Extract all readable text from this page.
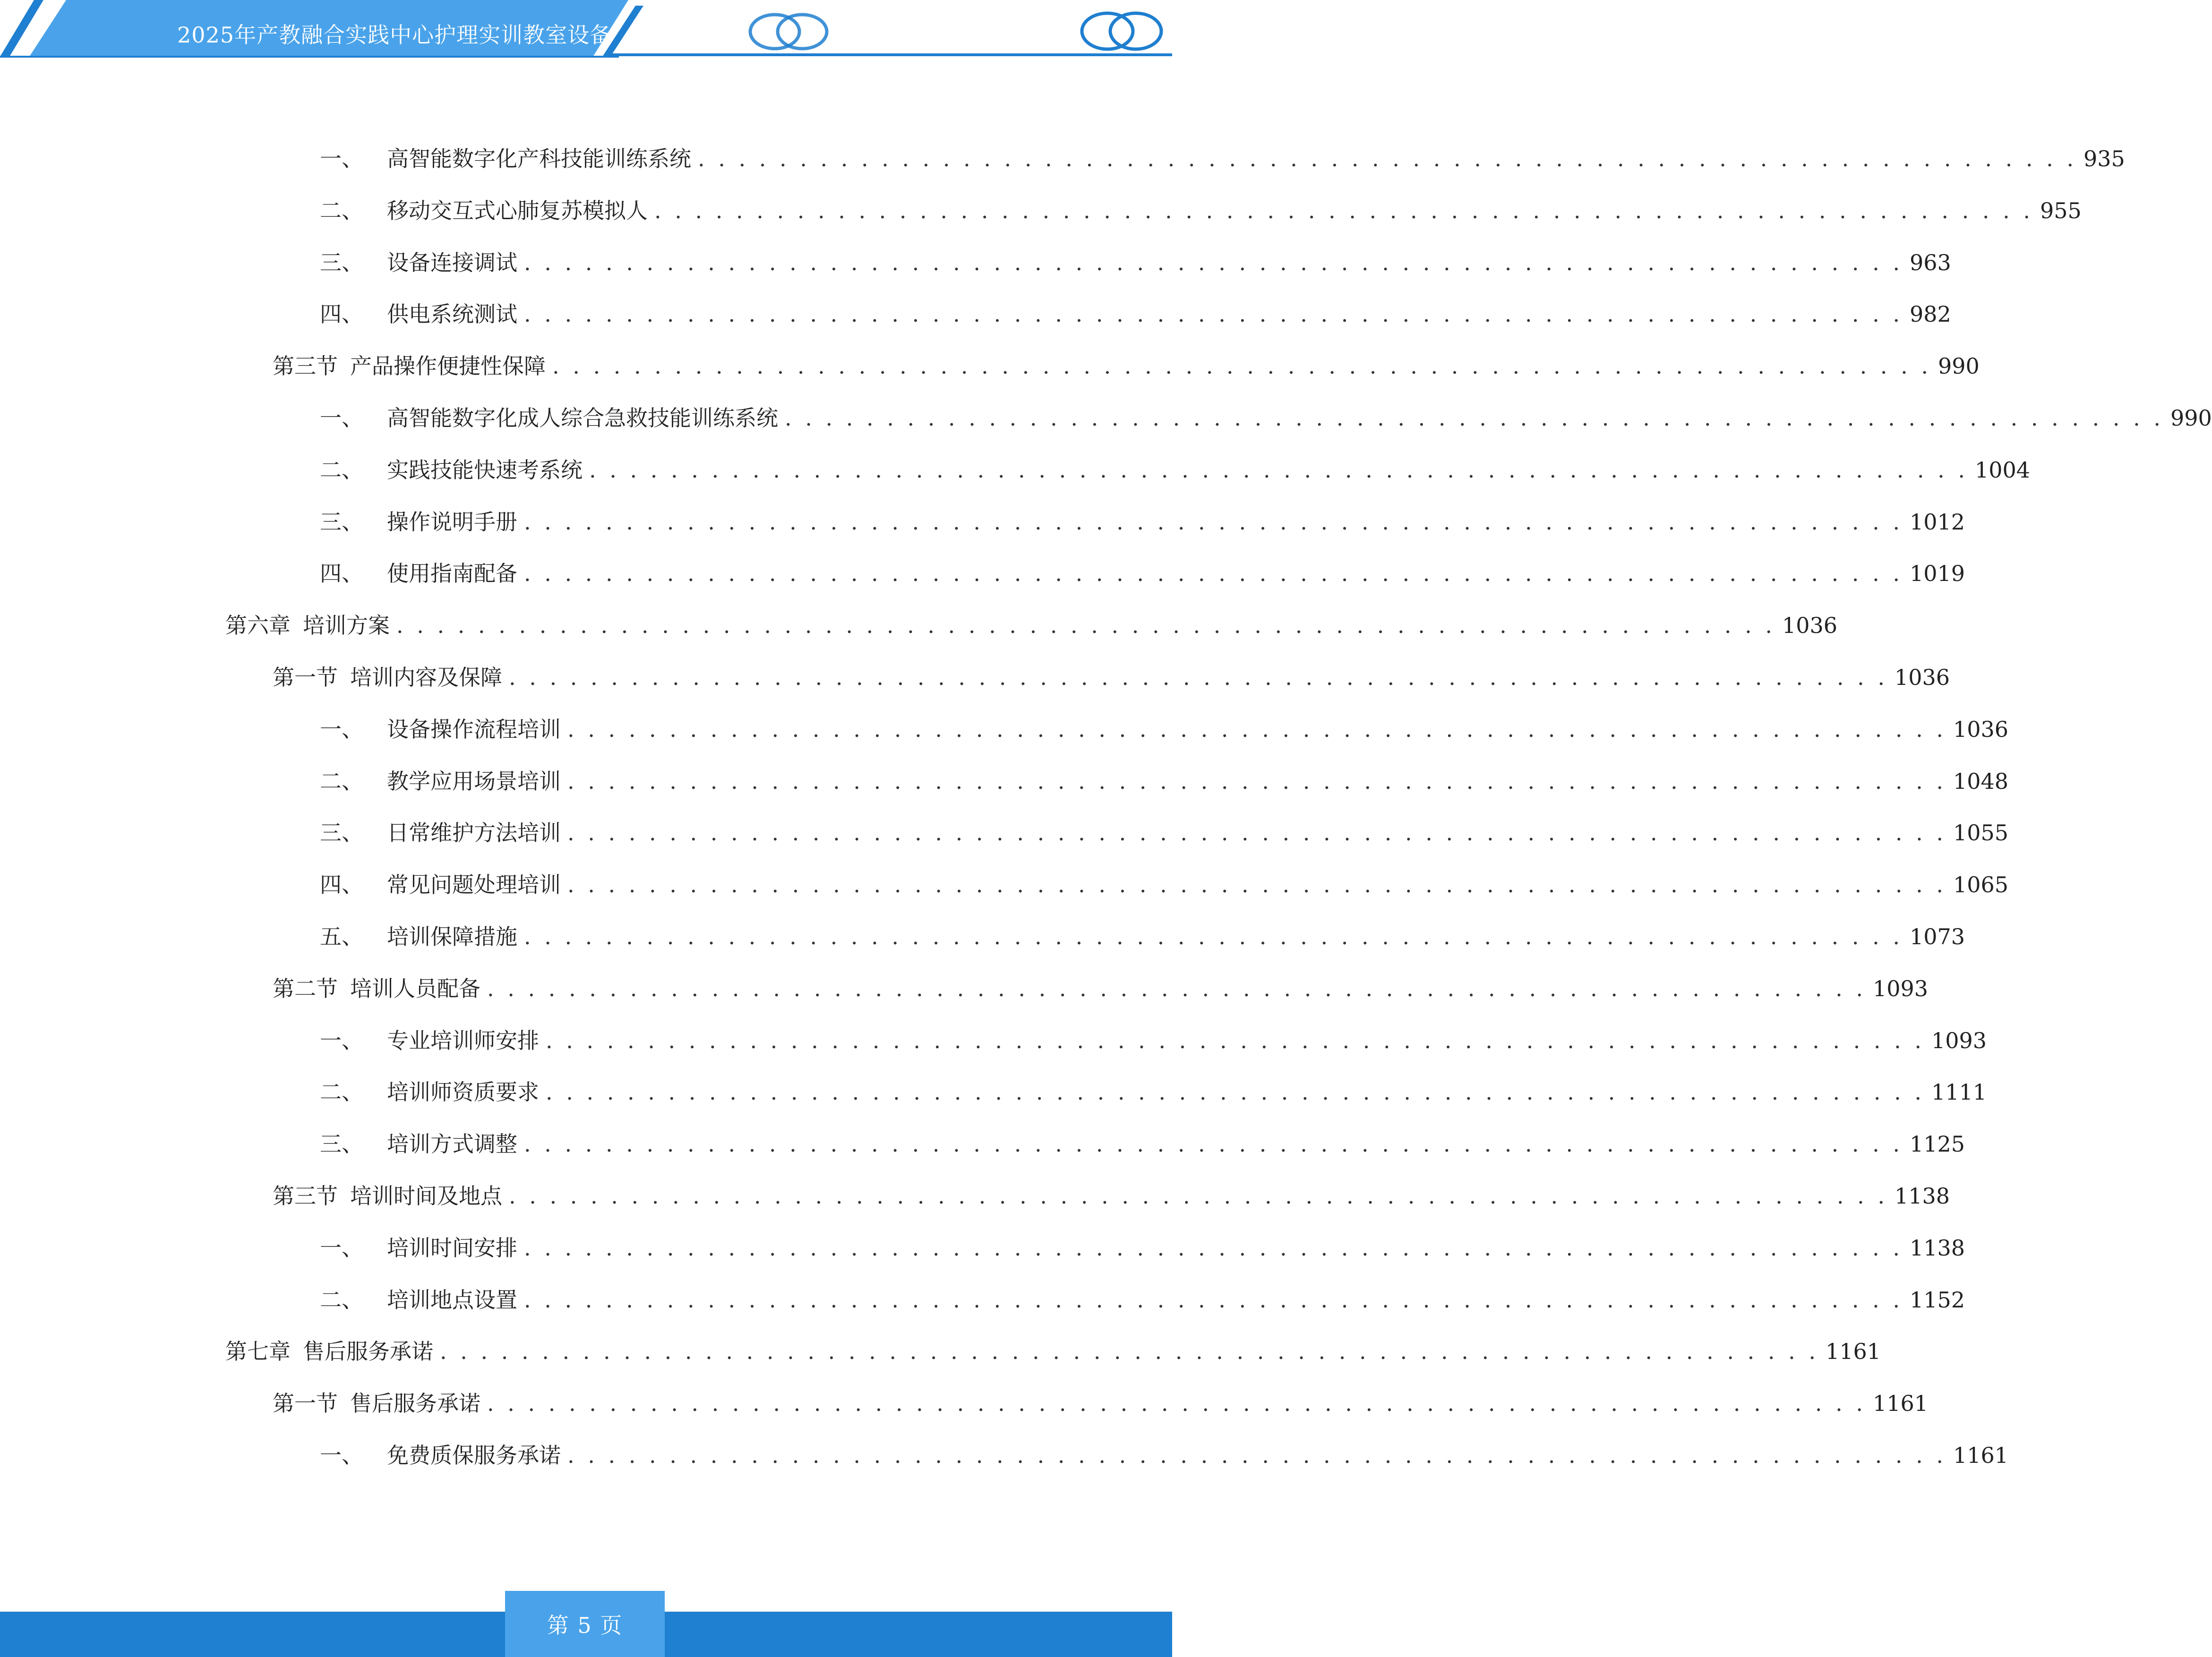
2025年产教融合实践中心护理实训教室设备
一、 高智能数字化产科技能训练系统 . . . . . . . . . . . . . . . . . . . . . . . . . . . . . . . . . . . . . . . . . . . . . . . . . . . . . . . . . . . . . . . . . . . . 935
二、 移动交互式心肺复苏模拟人 . . . . . . . . . . . . . . . . . . . . . . . . . . . . . . . . . . . . . . . . . . . . . . . . . . . . . . . . . . . . . . . . . . . . 955
三、 设备连接调试 . . . . . . . . . . . . . . . . . . . . . . . . . . . . . . . . . . . . . . . . . . . . . . . . . . . . . . . . . . . . . . . . . . . . 963
四、 供电系统测试 . . . . . . . . . . . . . . . . . . . . . . . . . . . . . . . . . . . . . . . . . . . . . . . . . . . . . . . . . . . . . . . . . . . . 982
第三节 产品操作便捷性保障 . . . . . . . . . . . . . . . . . . . . . . . . . . . . . . . . . . . . . . . . . . . . . . . . . . . . . . . . . . . . . . . . . . . . 990
一、 高智能数字化成人综合急救技能训练系统 . . . . . . . . . . . . . . . . . . . . . . . . . . . . . . . . . . . . . . . . . . . . . . . . . . . . . . . . . . . . . . . . . . . . 990
二、 实践技能快速考系统 . . . . . . . . . . . . . . . . . . . . . . . . . . . . . . . . . . . . . . . . . . . . . . . . . . . . . . . . . . . . . . . . . . . . 1004
三、 操作说明手册 . . . . . . . . . . . . . . . . . . . . . . . . . . . . . . . . . . . . . . . . . . . . . . . . . . . . . . . . . . . . . . . . . . . . 1012
四、 使用指南配备 . . . . . . . . . . . . . . . . . . . . . . . . . . . . . . . . . . . . . . . . . . . . . . . . . . . . . . . . . . . . . . . . . . . . 1019
第六章 培训方案 . . . . . . . . . . . . . . . . . . . . . . . . . . . . . . . . . . . . . . . . . . . . . . . . . . . . . . . . . . . . . . . . . . . . 1036
第一节 培训内容及保障 . . . . . . . . . . . . . . . . . . . . . . . . . . . . . . . . . . . . . . . . . . . . . . . . . . . . . . . . . . . . . . . . . . . . 1036
一、 设备操作流程培训 . . . . . . . . . . . . . . . . . . . . . . . . . . . . . . . . . . . . . . . . . . . . . . . . . . . . . . . . . . . . . . . . . . . . 1036
二、 教学应用场景培训 . . . . . . . . . . . . . . . . . . . . . . . . . . . . . . . . . . . . . . . . . . . . . . . . . . . . . . . . . . . . . . . . . . . . 1048
三、 日常维护方法培训 . . . . . . . . . . . . . . . . . . . . . . . . . . . . . . . . . . . . . . . . . . . . . . . . . . . . . . . . . . . . . . . . . . . . 1055
四、 常见问题处理培训 . . . . . . . . . . . . . . . . . . . . . . . . . . . . . . . . . . . . . . . . . . . . . . . . . . . . . . . . . . . . . . . . . . . . 1065
五、 培训保障措施 . . . . . . . . . . . . . . . . . . . . . . . . . . . . . . . . . . . . . . . . . . . . . . . . . . . . . . . . . . . . . . . . . . . . 1073
第二节 培训人员配备 . . . . . . . . . . . . . . . . . . . . . . . . . . . . . . . . . . . . . . . . . . . . . . . . . . . . . . . . . . . . . . . . . . . . 1093
一、 专业培训师安排 . . . . . . . . . . . . . . . . . . . . . . . . . . . . . . . . . . . . . . . . . . . . . . . . . . . . . . . . . . . . . . . . . . . . 1093
二、 培训师资质要求 . . . . . . . . . . . . . . . . . . . . . . . . . . . . . . . . . . . . . . . . . . . . . . . . . . . . . . . . . . . . . . . . . . . . 1111
三、 培训方式调整 . . . . . . . . . . . . . . . . . . . . . . . . . . . . . . . . . . . . . . . . . . . . . . . . . . . . . . . . . . . . . . . . . . . . 1125
第三节 培训时间及地点 . . . . . . . . . . . . . . . . . . . . . . . . . . . . . . . . . . . . . . . . . . . . . . . . . . . . . . . . . . . . . . . . . . . . 1138
一、 培训时间安排 . . . . . . . . . . . . . . . . . . . . . . . . . . . . . . . . . . . . . . . . . . . . . . . . . . . . . . . . . . . . . . . . . . . . 1138
二、 培训地点设置 . . . . . . . . . . . . . . . . . . . . . . . . . . . . . . . . . . . . . . . . . . . . . . . . . . . . . . . . . . . . . . . . . . . . 1152
第七章 售后服务承诺 . . . . . . . . . . . . . . . . . . . . . . . . . . . . . . . . . . . . . . . . . . . . . . . . . . . . . . . . . . . . . . . . . . . . 1161
第一节 售后服务承诺 . . . . . . . . . . . . . . . . . . . . . . . . . . . . . . . . . . . . . . . . . . . . . . . . . . . . . . . . . . . . . . . . . . . . 1161
一、 免费质保服务承诺 . . . . . . . . . . . . . . . . . . . . . . . . . . . . . . . . . . . . . . . . . . . . . . . . . . . . . . . . . . . . . . . . . . . . 1161
第 5 页
